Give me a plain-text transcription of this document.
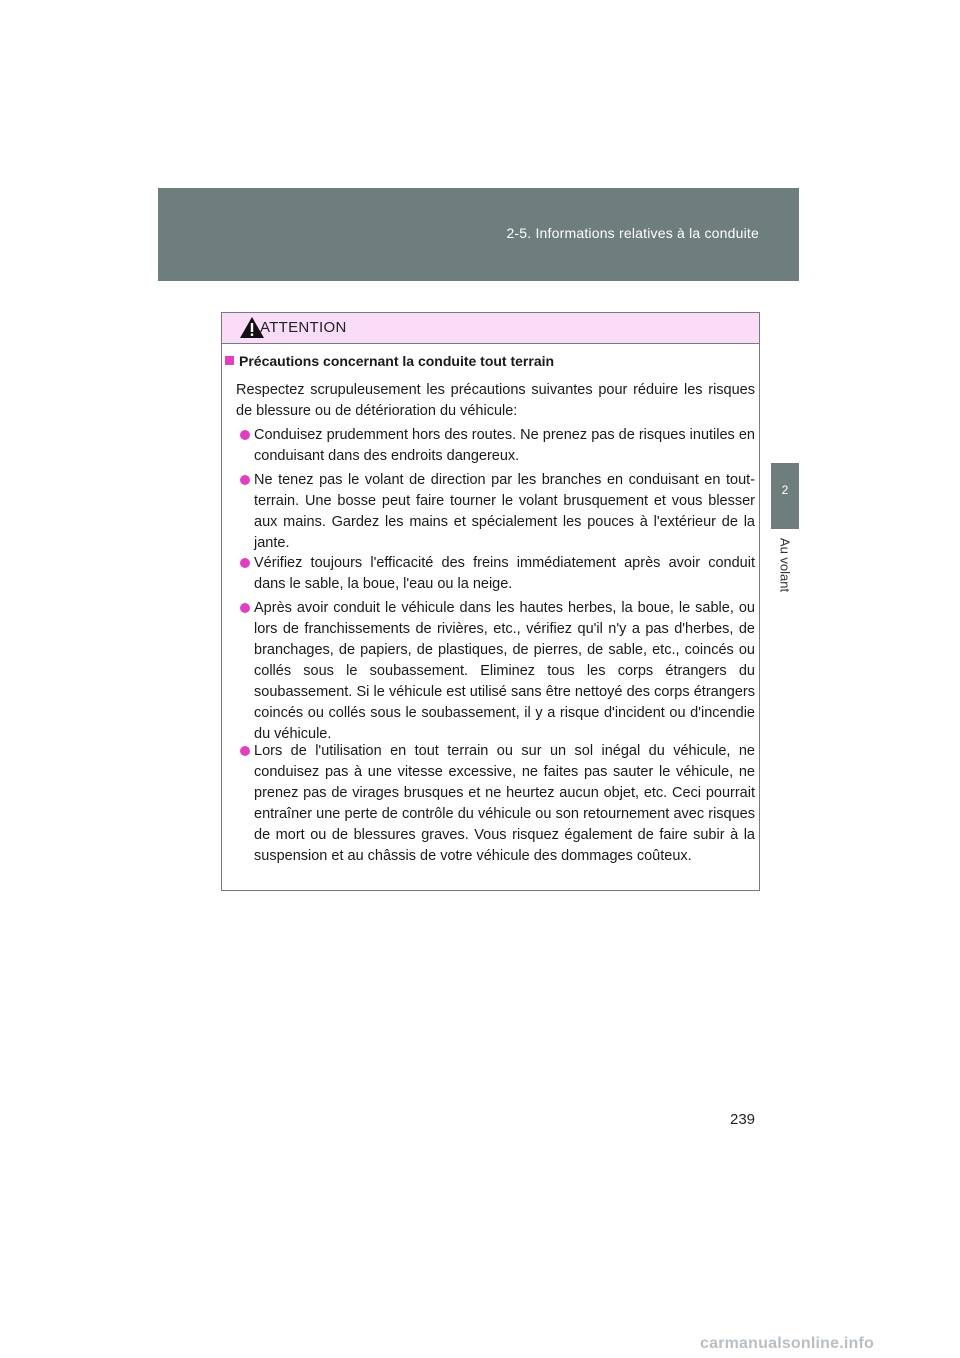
2-5. Informations relatives à la conduite
2
Au volant
ATTENTION
Précautions concernant la conduite tout terrain
Respectez scrupuleusement les précautions suivantes pour réduire les risques de blessure ou de détérioration du véhicule:
Conduisez prudemment hors des routes. Ne prenez pas de risques inutiles en conduisant dans des endroits dangereux.
Ne tenez pas le volant de direction par les branches en conduisant en tout-terrain. Une bosse peut faire tourner le volant brusquement et vous blesser aux mains. Gardez les mains et spécialement les pouces à l'extérieur de la jante.
Vérifiez toujours l'efficacité des freins immédiatement après avoir conduit dans le sable, la boue, l'eau ou la neige.
Après avoir conduit le véhicule dans les hautes herbes, la boue, le sable, ou lors de franchissements de rivières, etc., vérifiez qu'il n'y a pas d'herbes, de branchages, de papiers, de plastiques, de pierres, de sable, etc., coincés ou collés sous le soubassement. Eliminez tous les corps étrangers du soubassement. Si le véhicule est utilisé sans être nettoyé des corps étrangers coincés ou collés sous le soubassement, il y a risque d'incident ou d'incendie du véhicule.
Lors de l'utilisation en tout terrain ou sur un sol inégal du véhicule, ne conduisez pas à une vitesse excessive, ne faites pas sauter le véhicule, ne prenez pas de virages brusques et ne heurtez aucun objet, etc. Ceci pourrait entraîner une perte de contrôle du véhicule ou son retournement avec risques de mort ou de blessures graves. Vous risquez également de faire subir à la suspension et au châssis de votre véhicule des dommages coûteux.
239
carmanualsonline.info
